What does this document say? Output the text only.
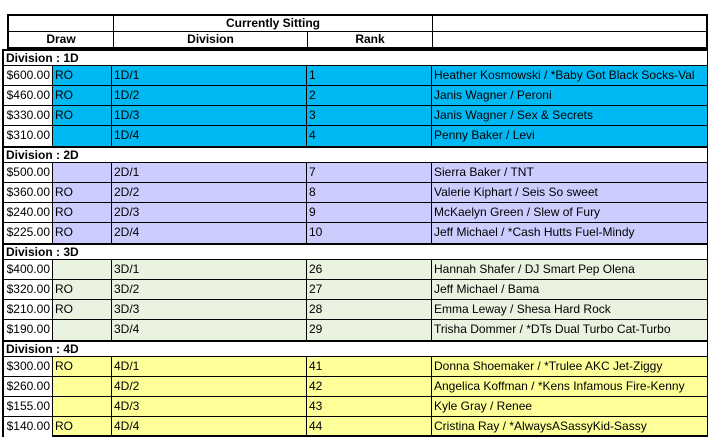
Currently Sitting
Draw	Division	Rank
Division : 1D
$600.00 RO	1D/1	1	Heather Kosmowski / *Baby Got Black Socks-Val
$460.00 RO	1D/2	2	Janis Wagner / Peroni
$330.00 RO	1D/3	3	Janis Wagner / Sex & Secrets
$310.00	1D/4	4	Penny Baker / Levi
Division : 2D
$500.00	2D/1	7	Sierra Baker / TNT
$360.00 RO	2D/2	8	Valerie Kiphart / Seis So sweet
$240.00 RO	2D/3	9	McKaelyn Green / Slew of Fury
$225.00 RO	2D/4	10	Jeff Michael / *Cash Hutts Fuel-Mindy
Division : 3D
$400.00	3D/1	26	Hannah Shafer / DJ Smart Pep Olena
$320.00 RO	3D/2	27	Jeff Michael / Bama
$210.00 RO	3D/3	28	Emma Leway / Shesa Hard Rock
$190.00	3D/4	29	Trisha Dommer / *DTs Dual Turbo Cat-Turbo
Division : 4D
$300.00 RO	4D/1	41	Donna Shoemaker / *Trulee AKC Jet-Ziggy
$260.00	4D/2	42	Angelica Koffman / *Kens Infamous Fire-Kenny
$155.00	4D/3	43	Kyle Gray / Renee
$140.00 RO	4D/4	44	Cristina Ray / *AlwaysASassyKid-Sassy
